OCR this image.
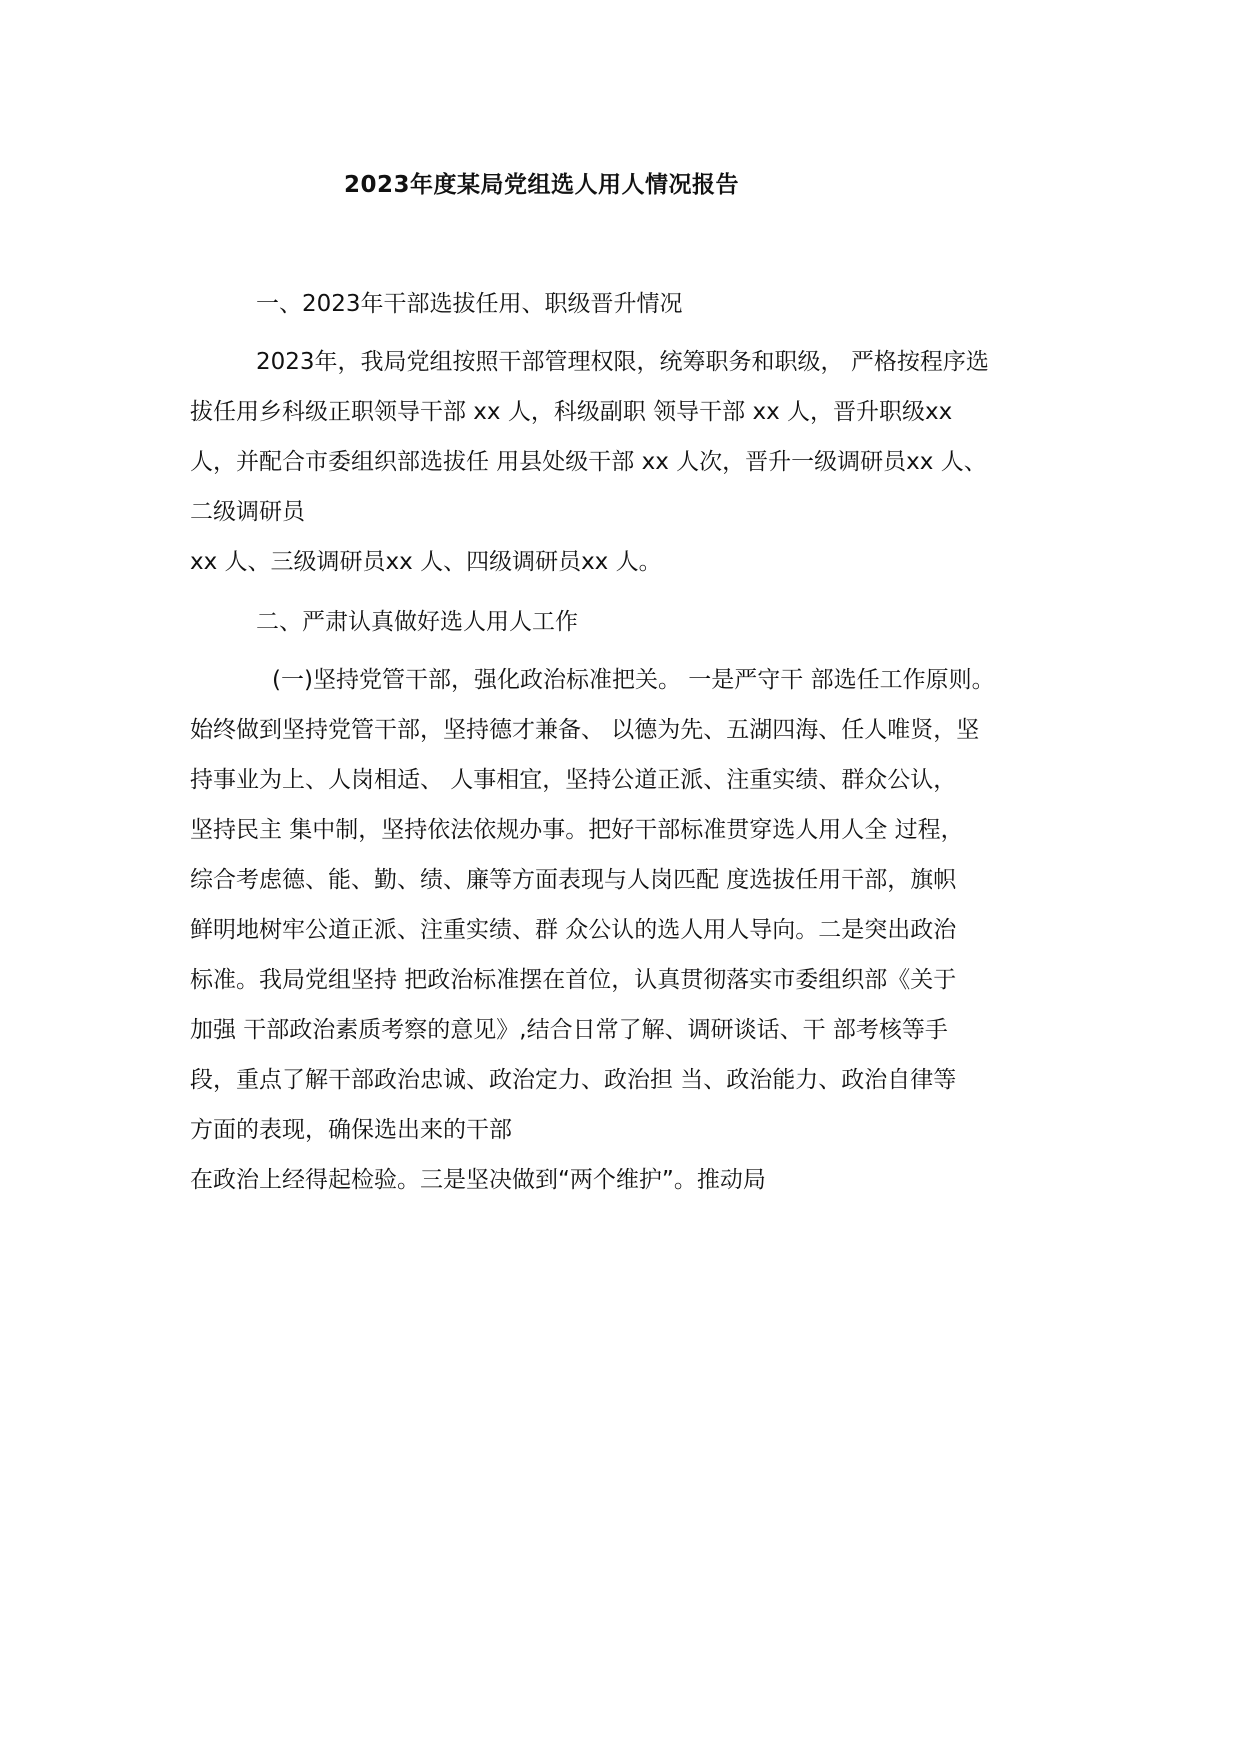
2023年度某局党组选人用人情况报告
一、2023年干部选拔任用、职级晋升情况
2023年，我局党组按照干部管理权限，统筹职务和职级， 严格按程序选
拔任用乡科级正职领导干部 xx 人，科级副职 领导干部 xx 人，晋升职级xx
人，并配合市委组织部选拔任 用县处级干部 xx 人次，晋升一级调研员xx 人、
二级调研员
xx 人、三级调研员xx 人、四级调研员xx 人。
二、严肃认真做好选人用人工作
(一)坚持党管干部，强化政治标准把关。 一是严守干 部选任工作原则。
始终做到坚持党管干部，坚持德才兼备、 以德为先、五湖四海、任人唯贤，坚
持事业为上、人岗相适、 人事相宜，坚持公道正派、注重实绩、群众公认，
坚持民主 集中制，坚持依法依规办事。把好干部标准贯穿选人用人全 过程，
综合考虑德、能、勤、绩、廉等方面表现与人岗匹配 度选拔任用干部，旗帜
鲜明地树牢公道正派、注重实绩、群 众公认的选人用人导向。二是突出政治
标准。我局党组坚持 把政治标准摆在首位，认真贯彻落实市委组织部《关于
加强 干部政治素质考察的意见》,结合日常了解、调研谈话、干 部考核等手
段，重点了解干部政治忠诚、政治定力、政治担 当、政治能力、政治自律等
方面的表现，确保选出来的干部
在政治上经得起检验。三是坚决做到“两个维护”。推动局
